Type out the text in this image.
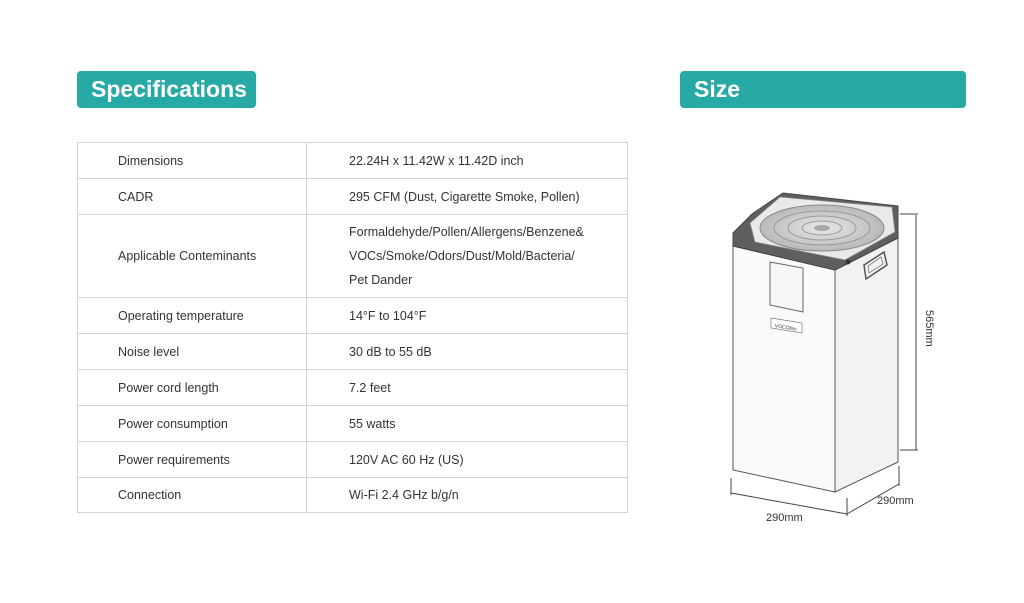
Specifications	Size
Dimensions	22.24H x 11.42W x 11.42D inch

CADR	295 CFM (Dust, Cigarette Smoke, Pollen)

Applicable Conteminants	Formaldehyde/Pollen/Allergens/Benzene&
VOCs/Smoke/Odors/Dust/Mold/Bacteria/
Pet Dander

Operating temperature	14°F to 104°F

Noise level	30 dB to 55 dB

Power cord length	7.2 feet

Power consumption	55 watts

Power requirements	120V AC 60 Hz (US)

Connection	Wi-Fi 2.4 GHz b/g/n
VOCOlinc	565mm
290mm
290mm
